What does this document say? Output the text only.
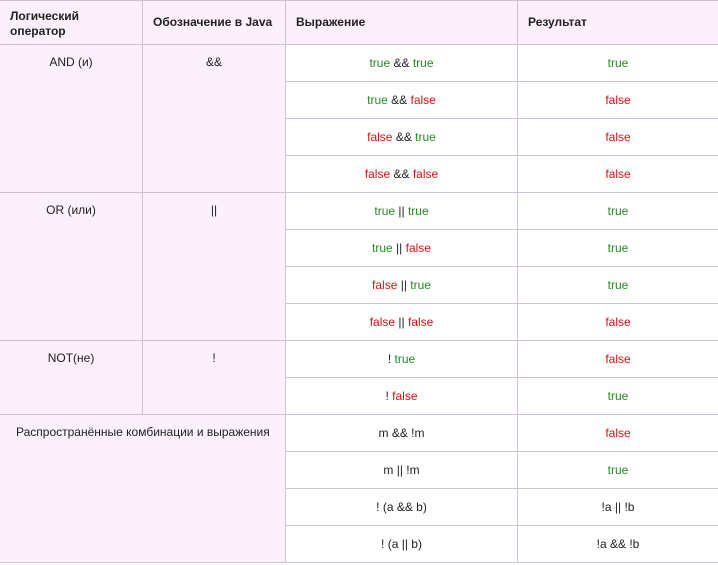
Логический оператор	Обозначение в Java	Выражение	Результат
AND (и)	&&	true && true	true
		true && false	false
		false && true	false
		false && false	false
OR (или)	||	true || true	true
		true || false	true
		false || true	true
		false || false	false
NOT(не)	!	! true	false
		! false	true
Распространённые комбинации и выражения		m && !m	false
		m || !m	true
		! (a && b)	!a || !b
		! (a || b)	!a && !b
